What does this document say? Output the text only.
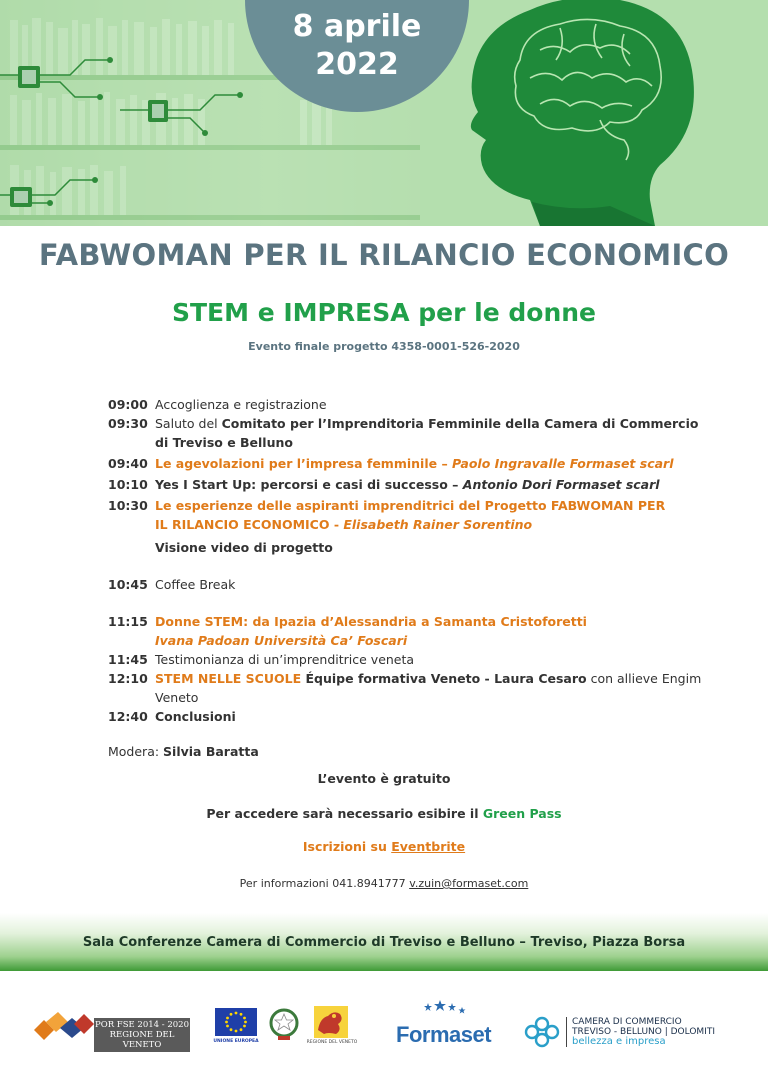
8 aprile
2022
FABWOMAN PER IL RILANCIO ECONOMICO
STEM e IMPRESA per le donne
Evento finale progetto 4358-0001-526-2020
09:00 Accoglienza e registrazione
09:30 Saluto del Comitato per l’Imprenditoria Femminile della Camera di Commercio
di Treviso e Belluno
09:40 Le agevolazioni per l’impresa femminile – Paolo Ingravalle Formaset scarl
10:10 Yes I Start Up: percorsi e casi di successo – Antonio Dori Formaset scarl
10:30 Le esperienze delle aspiranti imprenditrici del Progetto FABWOMAN PER
IL RILANCIO ECONOMICO - Elisabeth Rainer Sorentino
Visione video di progetto
10:45 Coffee Break
11:15 Donne STEM: da Ipazia d’Alessandria a Samanta Cristoforetti
Ivana Padoan Università Ca’ Foscari
11:45 Testimonianza di un’imprenditrice veneta
12:10 STEM NELLE SCUOLE Équipe formativa Veneto - Laura Cesaro con allieve Engim Veneto
12:40 Conclusioni
Modera: Silvia Baratta
L’evento è gratuito
Per accedere sarà necessario esibire il Green Pass
Iscrizioni su Eventbrite
Per informazioni 041.8941777 v.zuin@formaset.com
Sala Conferenze Camera di Commercio di Treviso e Belluno – Treviso, Piazza Borsa
POR FSE 2014 - 2020
REGIONE DEL VENETO	UNIONE EUROPEA	REGIONE DEL VENETO Formaset	CAMERA DI COMMERCIO
TREVISO - BELLUNO | DOLOMITI
bellezza e impresa
